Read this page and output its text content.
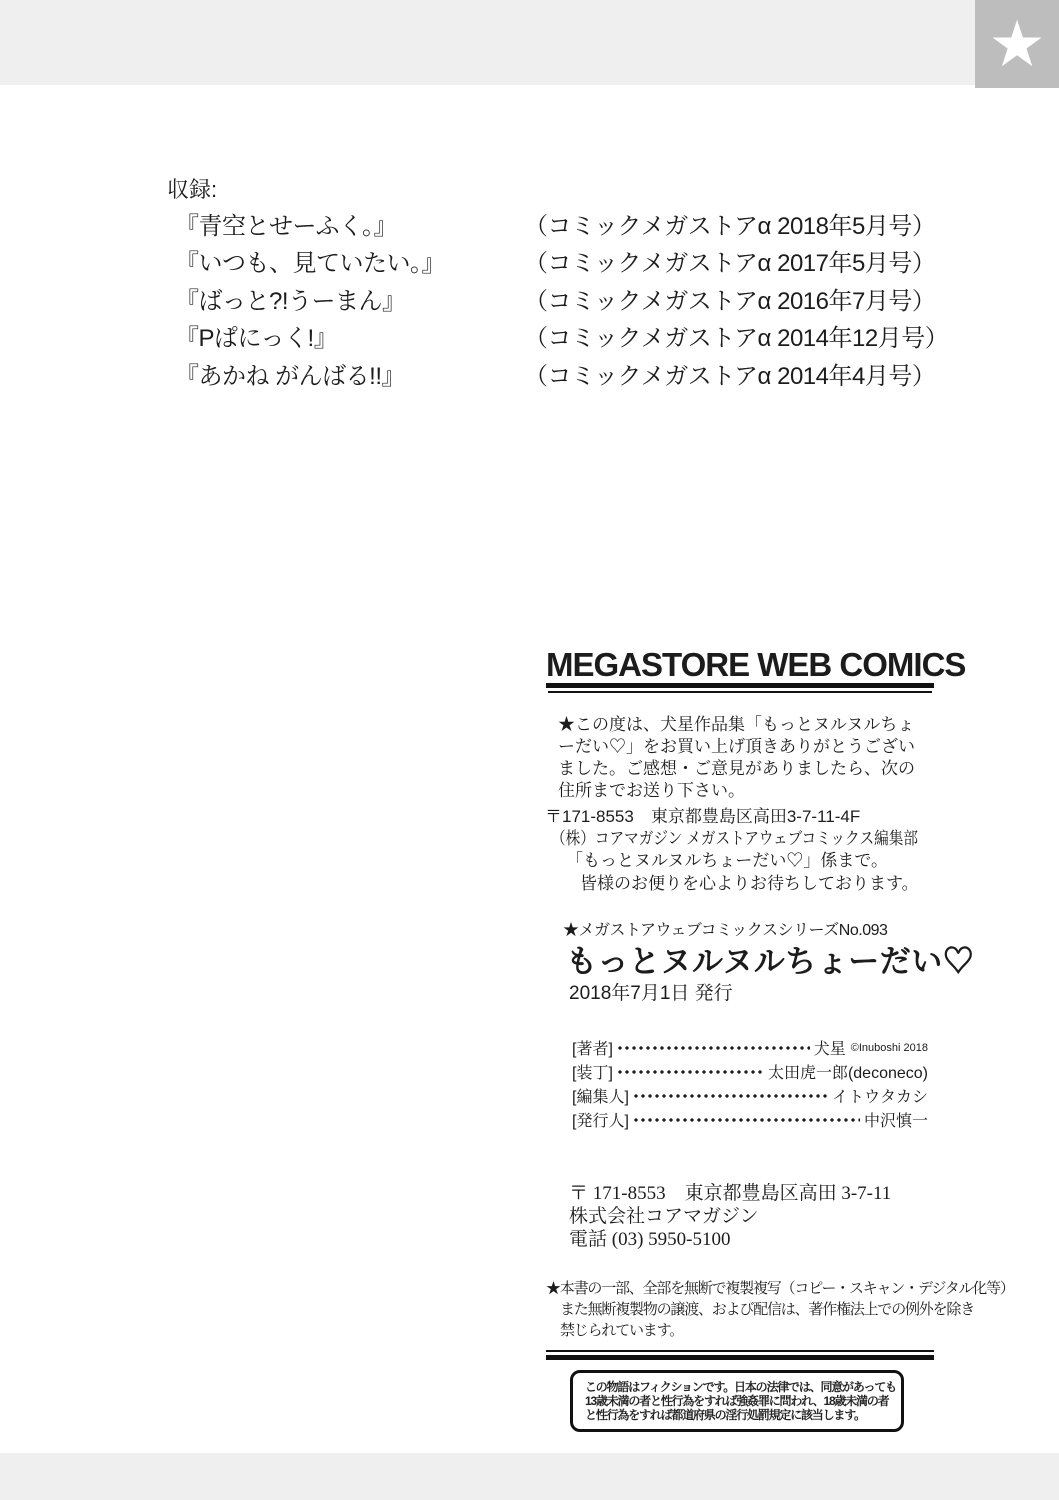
★
収録:
『青空とせーふく。』	（コミックメガストアα 2018年5月号）
『いつも、見ていたい。』	（コミックメガストアα 2017年5月号）
『ばっと?!うーまん』	（コミックメガストアα 2016年7月号）
『Pぱにっく!』	（コミックメガストアα 2014年12月号）
『あかね がんばる!!』	（コミックメガストアα 2014年4月号）
MEGASTORE WEB COMICS
★この度は、犬星作品集「もっとヌルヌルちょ
ーだい♡」をお買い上げ頂きありがとうござい
ました。ご感想・ご意見がありましたら、次の
住所までお送り下さい。
〒171-8553　東京都豊島区高田3-7-11-4F
（株）コアマガジン メガストアウェブコミックス編集部
「もっとヌルヌルちょーだい♡」係まで。
皆様のお便りを心よりお待ちしております。
★メガストアウェブコミックスシリーズNo.093
もっとヌルヌルちょーだい♡
2018年7月1日 発行
[著者]	犬星 ©Inuboshi 2018
[装丁]	太田虎一郎(deconeco)
[編集人]	イトウタカシ
[発行人]	中沢慎一
〒 171-8553　東京都豊島区高田 3-7-11
株式会社コアマガジン
電話 (03) 5950-5100
★本書の一部、全部を無断で複製複写（コピー・スキャン・デジタル化等）
また無断複製物の譲渡、および配信は、著作権法上での例外を除き
禁じられています。
この物語はフィクションです。日本の法律では、同意があっても
13歳未満の者と性行為をすれば強姦罪に問われ、18歳未満の者
と性行為をすれば都道府県の淫行処罰規定に該当します。
